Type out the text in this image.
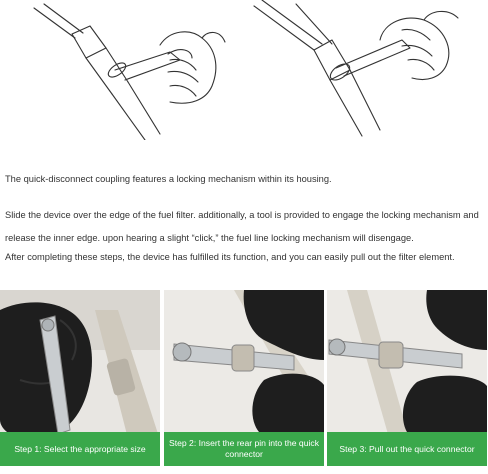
The quick-disconnect coupling features a locking mechanism within its housing.

Slide the device over the edge of the fuel filter. additionally, a tool is provided to engage the locking mechanism and release the inner edge. upon hearing a slight “click,” the fuel line locking mechanism will disengage.

After completing these steps, the device has fulfilled its function, and you can easily pull out the filter element.

Step 1: Select the appropriate size
Step 2: Insert the rear pin into the quick connector
Step 3: Pull out the quick connector
